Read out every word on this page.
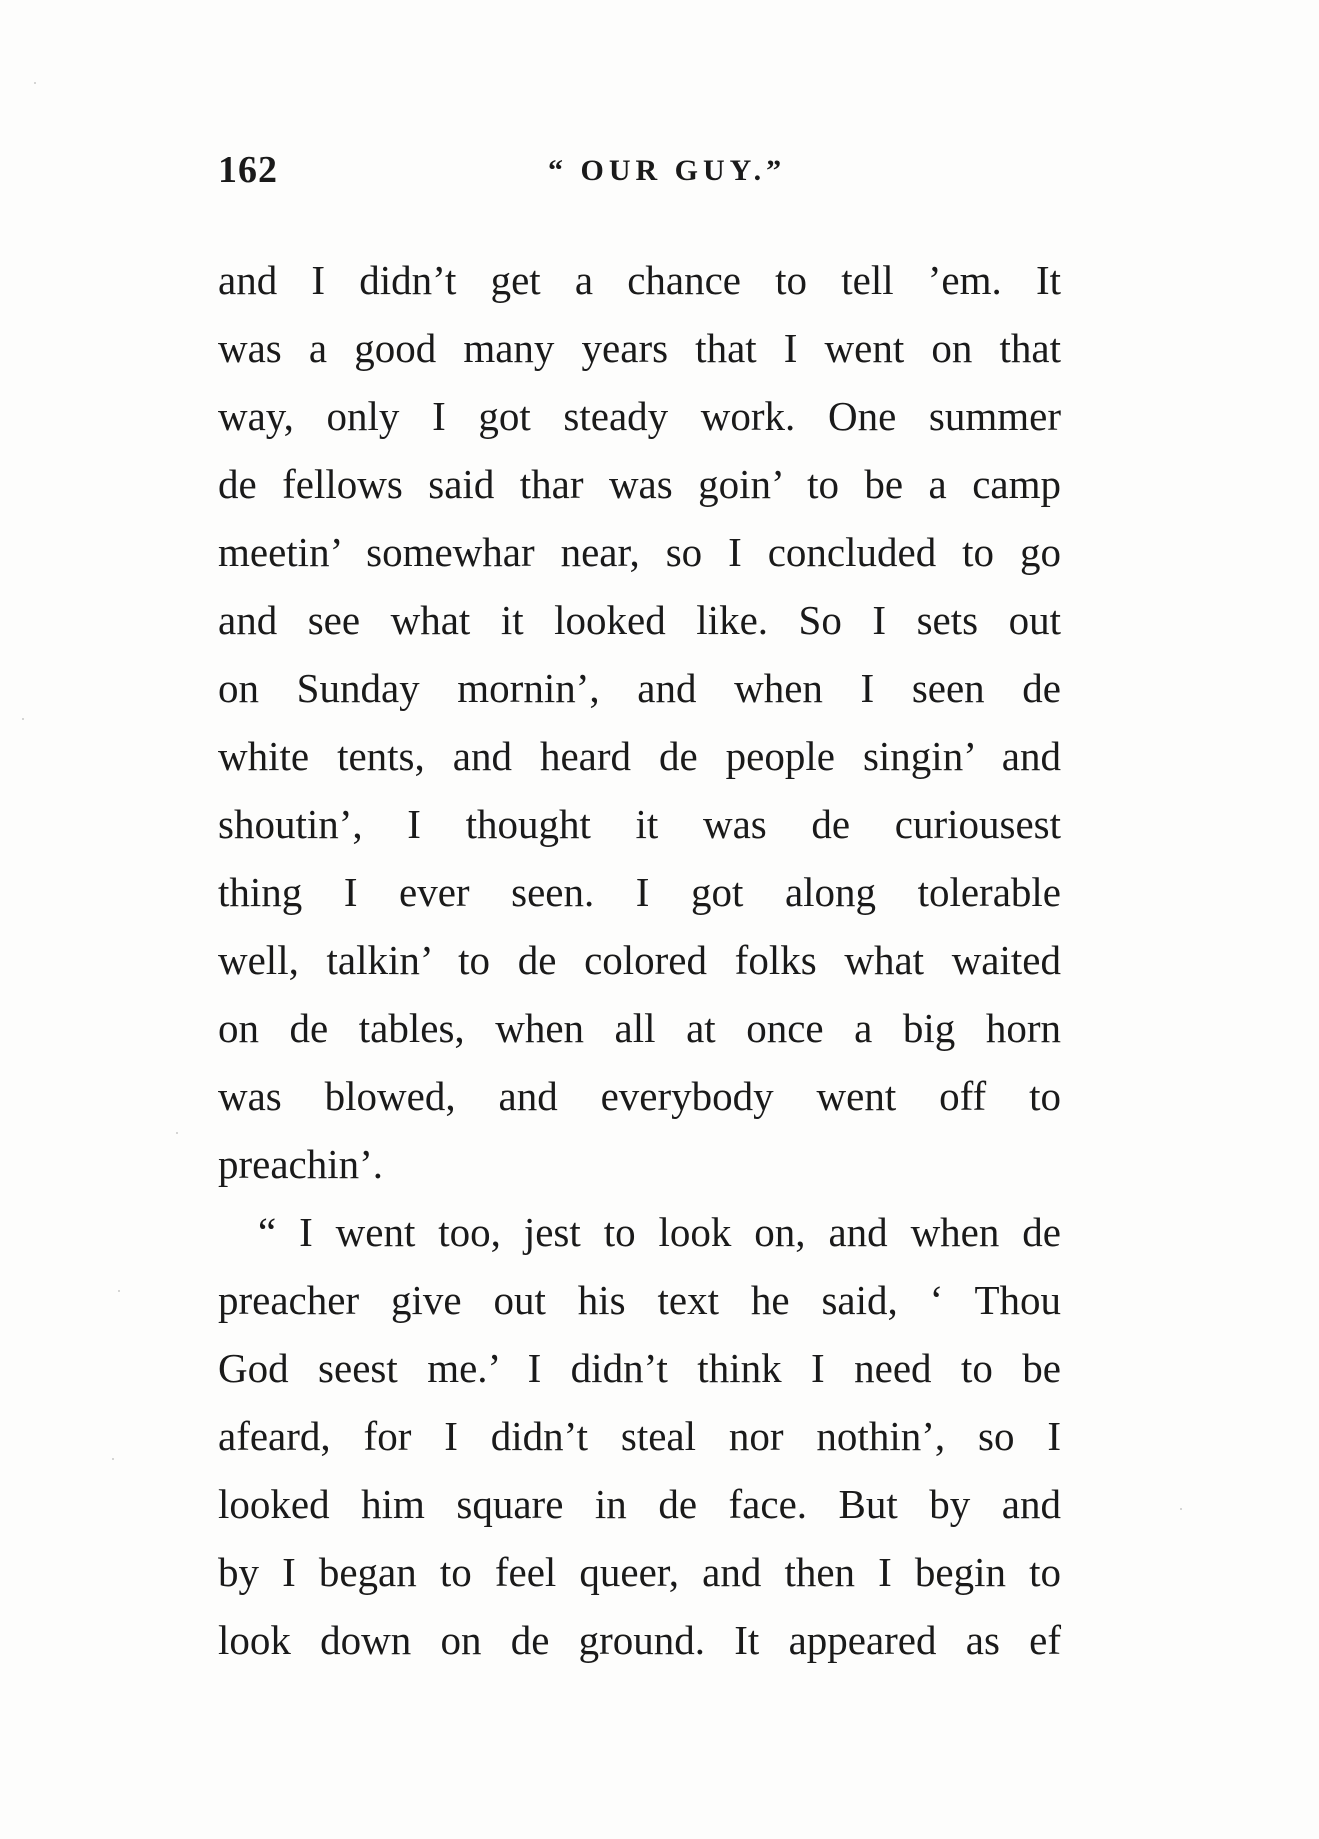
162	“ OUR GUY.”
and I didn’t get a chance to tell ’em. It
was a good many years that I went on that
way, only I got steady work. One summer
de fellows said thar was goin’ to be a camp
meetin’ somewhar near, so I concluded to go
and see what it looked like. So I sets out
on Sunday mornin’, and when I seen de
white tents, and heard de people singin’ and
shoutin’, I thought it was de curiousest
thing I ever seen. I got along tolerable
well, talkin’ to de colored folks what waited
on de tables, when all at once a big horn
was blowed, and everybody went off to
preachin’.
“ I went too, jest to look on, and when de
preacher give out his text he said, ‘ Thou
God seest me.’ I didn’t think I need to be
afeard, for I didn’t steal nor nothin’, so I
looked him square in de face. But by and
by I began to feel queer, and then I begin to
look down on de ground. It appeared as ef
